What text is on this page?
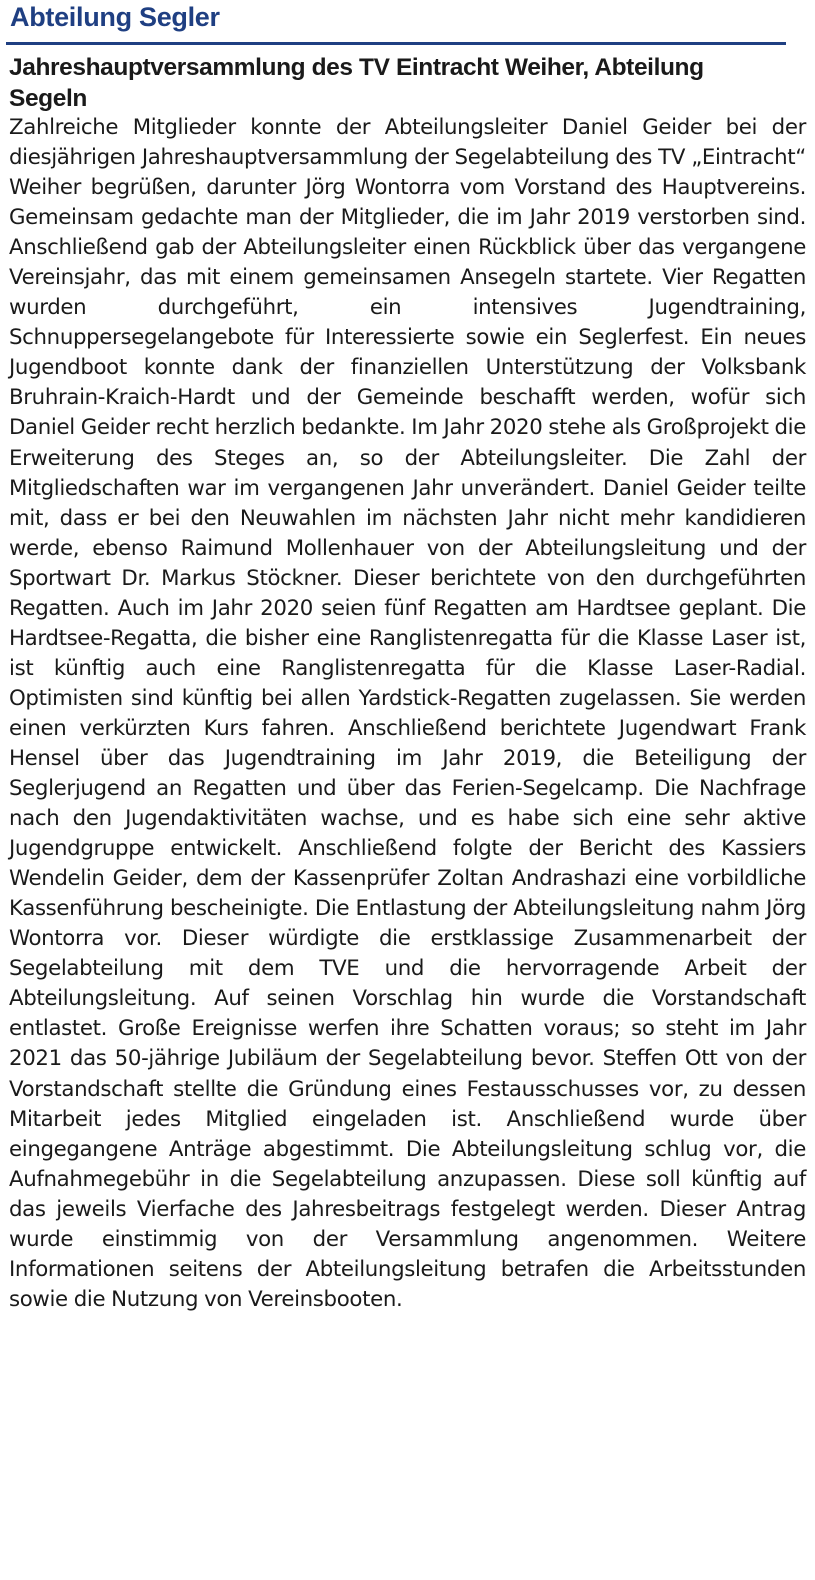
Abteilung Segler
Jahreshauptversammlung des TV Eintracht Weiher, Abteilung Segeln

Zahlreiche Mitglieder konnte der Abteilungsleiter Daniel Geider bei der diesjährigen Jahreshauptversammlung der Segelabteilung des TV „Eintracht“ Weiher begrüßen, darunter Jörg Wontorra vom Vorstand des Hauptvereins. Gemeinsam gedachte man der Mitglieder, die im Jahr 2019 verstorben sind. Anschließend gab der Abteilungsleiter einen Rückblick über das vergangene Vereinsjahr, das mit einem gemeinsamen Ansegeln startete. Vier Regatten wurden durchgeführt, ein intensives Jugendtraining, Schnuppersegelangebote für Interessierte sowie ein Seglerfest. Ein neues Jugendboot konnte dank der finanziellen Unterstützung der Volksbank Bruhrain-Kraich-Hardt und der Gemeinde beschafft werden, wofür sich Daniel Geider recht herzlich bedankte. Im Jahr 2020 stehe als Großprojekt die Erweiterung des Steges an, so der Abteilungsleiter. Die Zahl der Mitgliedschaften war im vergangenen Jahr unverändert. Daniel Geider teilte mit, dass er bei den Neuwahlen im nächsten Jahr nicht mehr kandidieren werde, ebenso Raimund Mollenhauer von der Abteilungsleitung und der Sportwart Dr. Markus Stöckner. Dieser berichtete von den durchgeführten Regatten. Auch im Jahr 2020 seien fünf Regatten am Hardtsee geplant. Die Hardtsee-Regatta, die bisher eine Ranglistenregatta für die Klasse Laser ist, ist künftig auch eine Ranglistenregatta für die Klasse Laser-Radial. Optimisten sind künftig bei allen Yardstick-Regatten zugelassen. Sie werden einen verkürzten Kurs fahren. Anschließend berichtete Jugendwart Frank Hensel über das Jugendtraining im Jahr 2019, die Beteiligung der Seglerjugend an Regatten und über das Ferien-Segelcamp. Die Nachfrage nach den Jugendaktivitäten wachse, und es habe sich eine sehr aktive Jugendgruppe entwickelt. Anschließend folgte der Bericht des Kassiers Wendelin Geider, dem der Kassenprüfer Zoltan Andrashazi eine vorbildliche Kassenführung bescheinigte. Die Entlastung der Abteilungsleitung nahm Jörg Wontorra vor. Dieser würdigte die erstklassige Zusammenarbeit der Segelabteilung mit dem TVE und die hervorragende Arbeit der Abteilungsleitung. Auf seinen Vorschlag hin wurde die Vorstandschaft entlastet. Große Ereignisse werfen ihre Schatten voraus; so steht im Jahr 2021 das 50-jährige Jubiläum der Segelabteilung bevor. Steffen Ott von der Vorstandschaft stellte die Gründung eines Festausschusses vor, zu dessen Mitarbeit jedes Mitglied eingeladen ist. Anschließend wurde über eingegangene Anträge abgestimmt. Die Abteilungsleitung schlug vor, die Aufnahmegebühr in die Segelabteilung anzupassen. Diese soll künftig auf das jeweils Vierfache des Jahresbeitrags festgelegt werden. Dieser Antrag wurde einstimmig von der Versammlung angenommen. Weitere Informationen seitens der Abteilungsleitung betrafen die Arbeitsstunden sowie die Nutzung von Vereinsbooten.
